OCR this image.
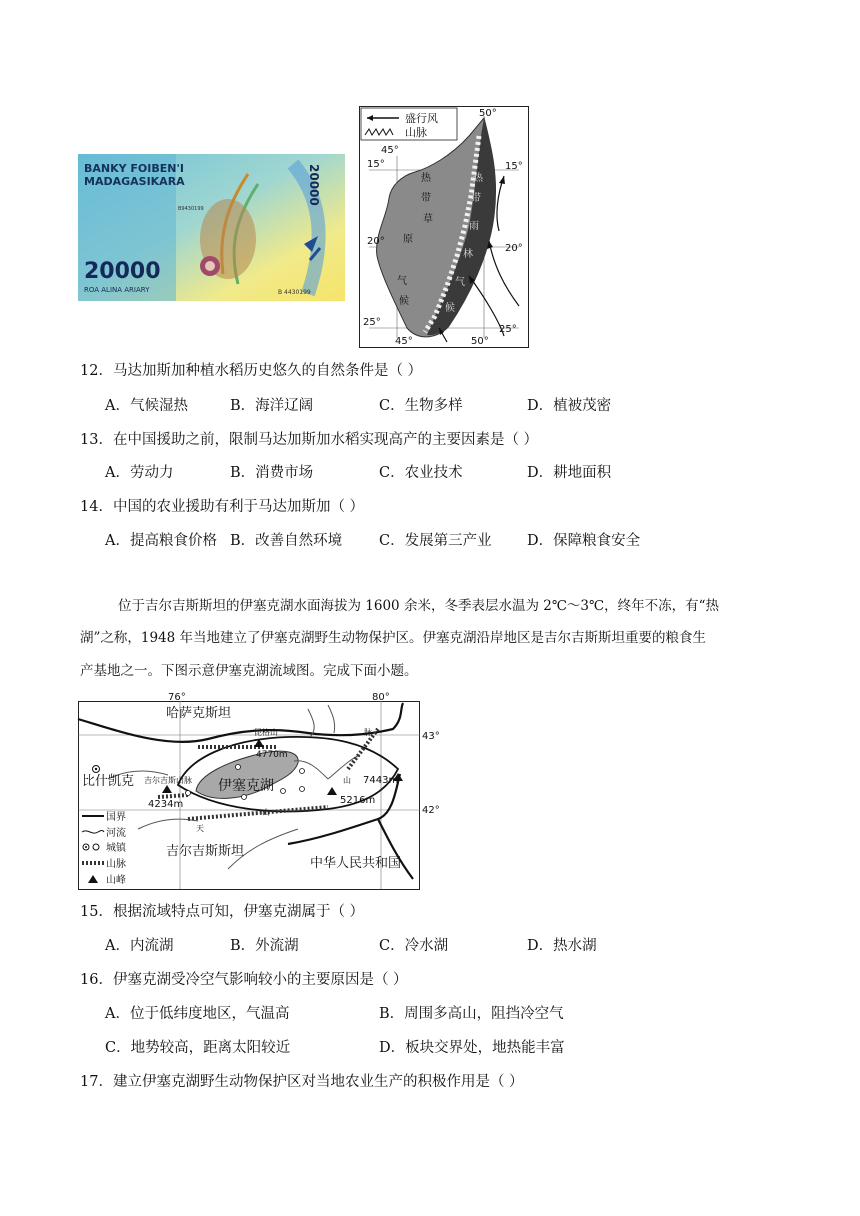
BANKY FOIBEN'I
MADAGASIKARA
20000
ROA ALINA ARIARY	B 4430199
B9430199
20000
盛行风
山脉
45°
50°
45°	50°
15°	15°
20°
20°
25°
25°
热
带
草
原
气
候
热
带
雨
林
气
候
12．马达加斯加种植水稻历史悠久的自然条件是（ ）
A．气候湿热	B．海洋辽阔	C．生物多样	D．植被茂密
13．在中国援助之前，限制马达加斯加水稻实现高产的主要因素是（ ）
A．劳动力	B．消费市场	C．农业技术	D．耕地面积
14．中国的农业援助有利于马达加斯加（ ）
A．提高粮食价格 B．改善自然环境	C．发展第三产业 D．保障粮食安全
位于吉尔吉斯斯坦的伊塞克湖水面海拔为 1600 余米，冬季表层水温为 2℃～3℃，终年不冻，有“热
湖”之称，1948 年当地建立了伊塞克湖野生动物保护区。伊塞克湖沿岸地区是吉尔吉斯斯坦重要的粮食生
产基地之一。下图示意伊塞克湖流域图。完成下面小题。
76°	80°
43°
42°
哈萨克斯坦
比什凯克
昆格山
4770m
吉尔吉斯山脉
4234m
伊塞克湖	7443m
5216m
脉
山
天
山
吉尔吉斯斯坦
中华人民共和国
国界
河流
城镇
山脉
山峰
15．根据流域特点可知，伊塞克湖属于（ ）
A．内流湖	B．外流湖	C．冷水湖	D．热水湖
16．伊塞克湖受冷空气影响较小的主要原因是（ ）
A．位于低纬度地区，气温高	B．周围多高山，阻挡冷空气
C．地势较高，距离太阳较近	D．板块交界处，地热能丰富
17．建立伊塞克湖野生动物保护区对当地农业生产的积极作用是（ ）
